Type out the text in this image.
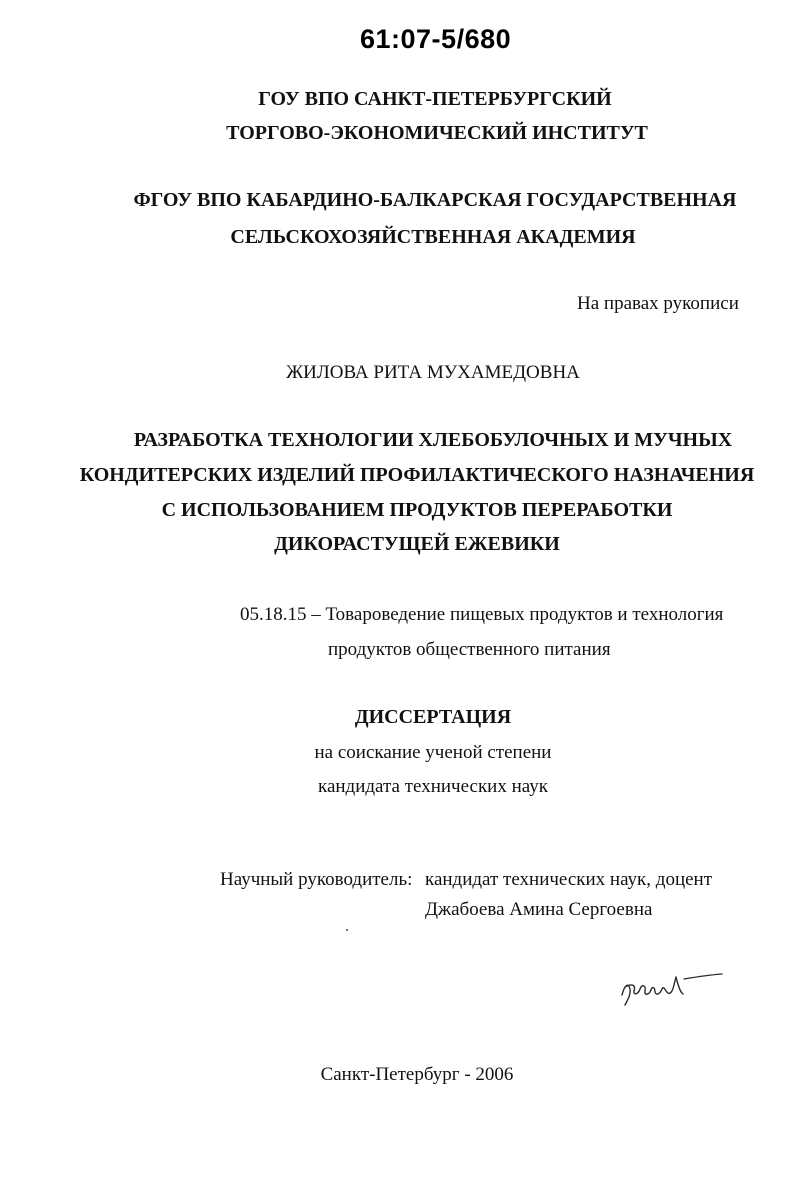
61:07-5/680

ГОУ ВПО САНКТ-ПЕТЕРБУРГСКИЙ

ТОРГОВО-ЭКОНОМИЧЕСКИЙ ИНСТИТУТ

ФГОУ ВПО КАБАРДИНО-БАЛКАРСКАЯ ГОСУДАРСТВЕННАЯ

СЕЛЬСКОХОЗЯЙСТВЕННАЯ АКАДЕМИЯ

На правах рукописи

ЖИЛОВА РИТА МУХАМЕДОВНА

РАЗРАБОТКА ТЕХНОЛОГИИ ХЛЕБОБУЛОЧНЫХ И МУЧНЫХ

КОНДИТЕРСКИХ ИЗДЕЛИЙ ПРОФИЛАКТИЧЕСКОГО НАЗНАЧЕНИЯ

С ИСПОЛЬЗОВАНИЕМ ПРОДУКТОВ ПЕРЕРАБОТКИ

ДИКОРАСТУЩЕЙ ЕЖЕВИКИ

05.18.15 – Товароведение пищевых продуктов и технология

продуктов общественного питания

ДИССЕРТАЦИЯ

на соискание ученой степени

кандидата технических наук

Научный руководитель: кандидат технических наук, доцент

Джабоева Амина Сергоевна

Санкт-Петербург - 2006
